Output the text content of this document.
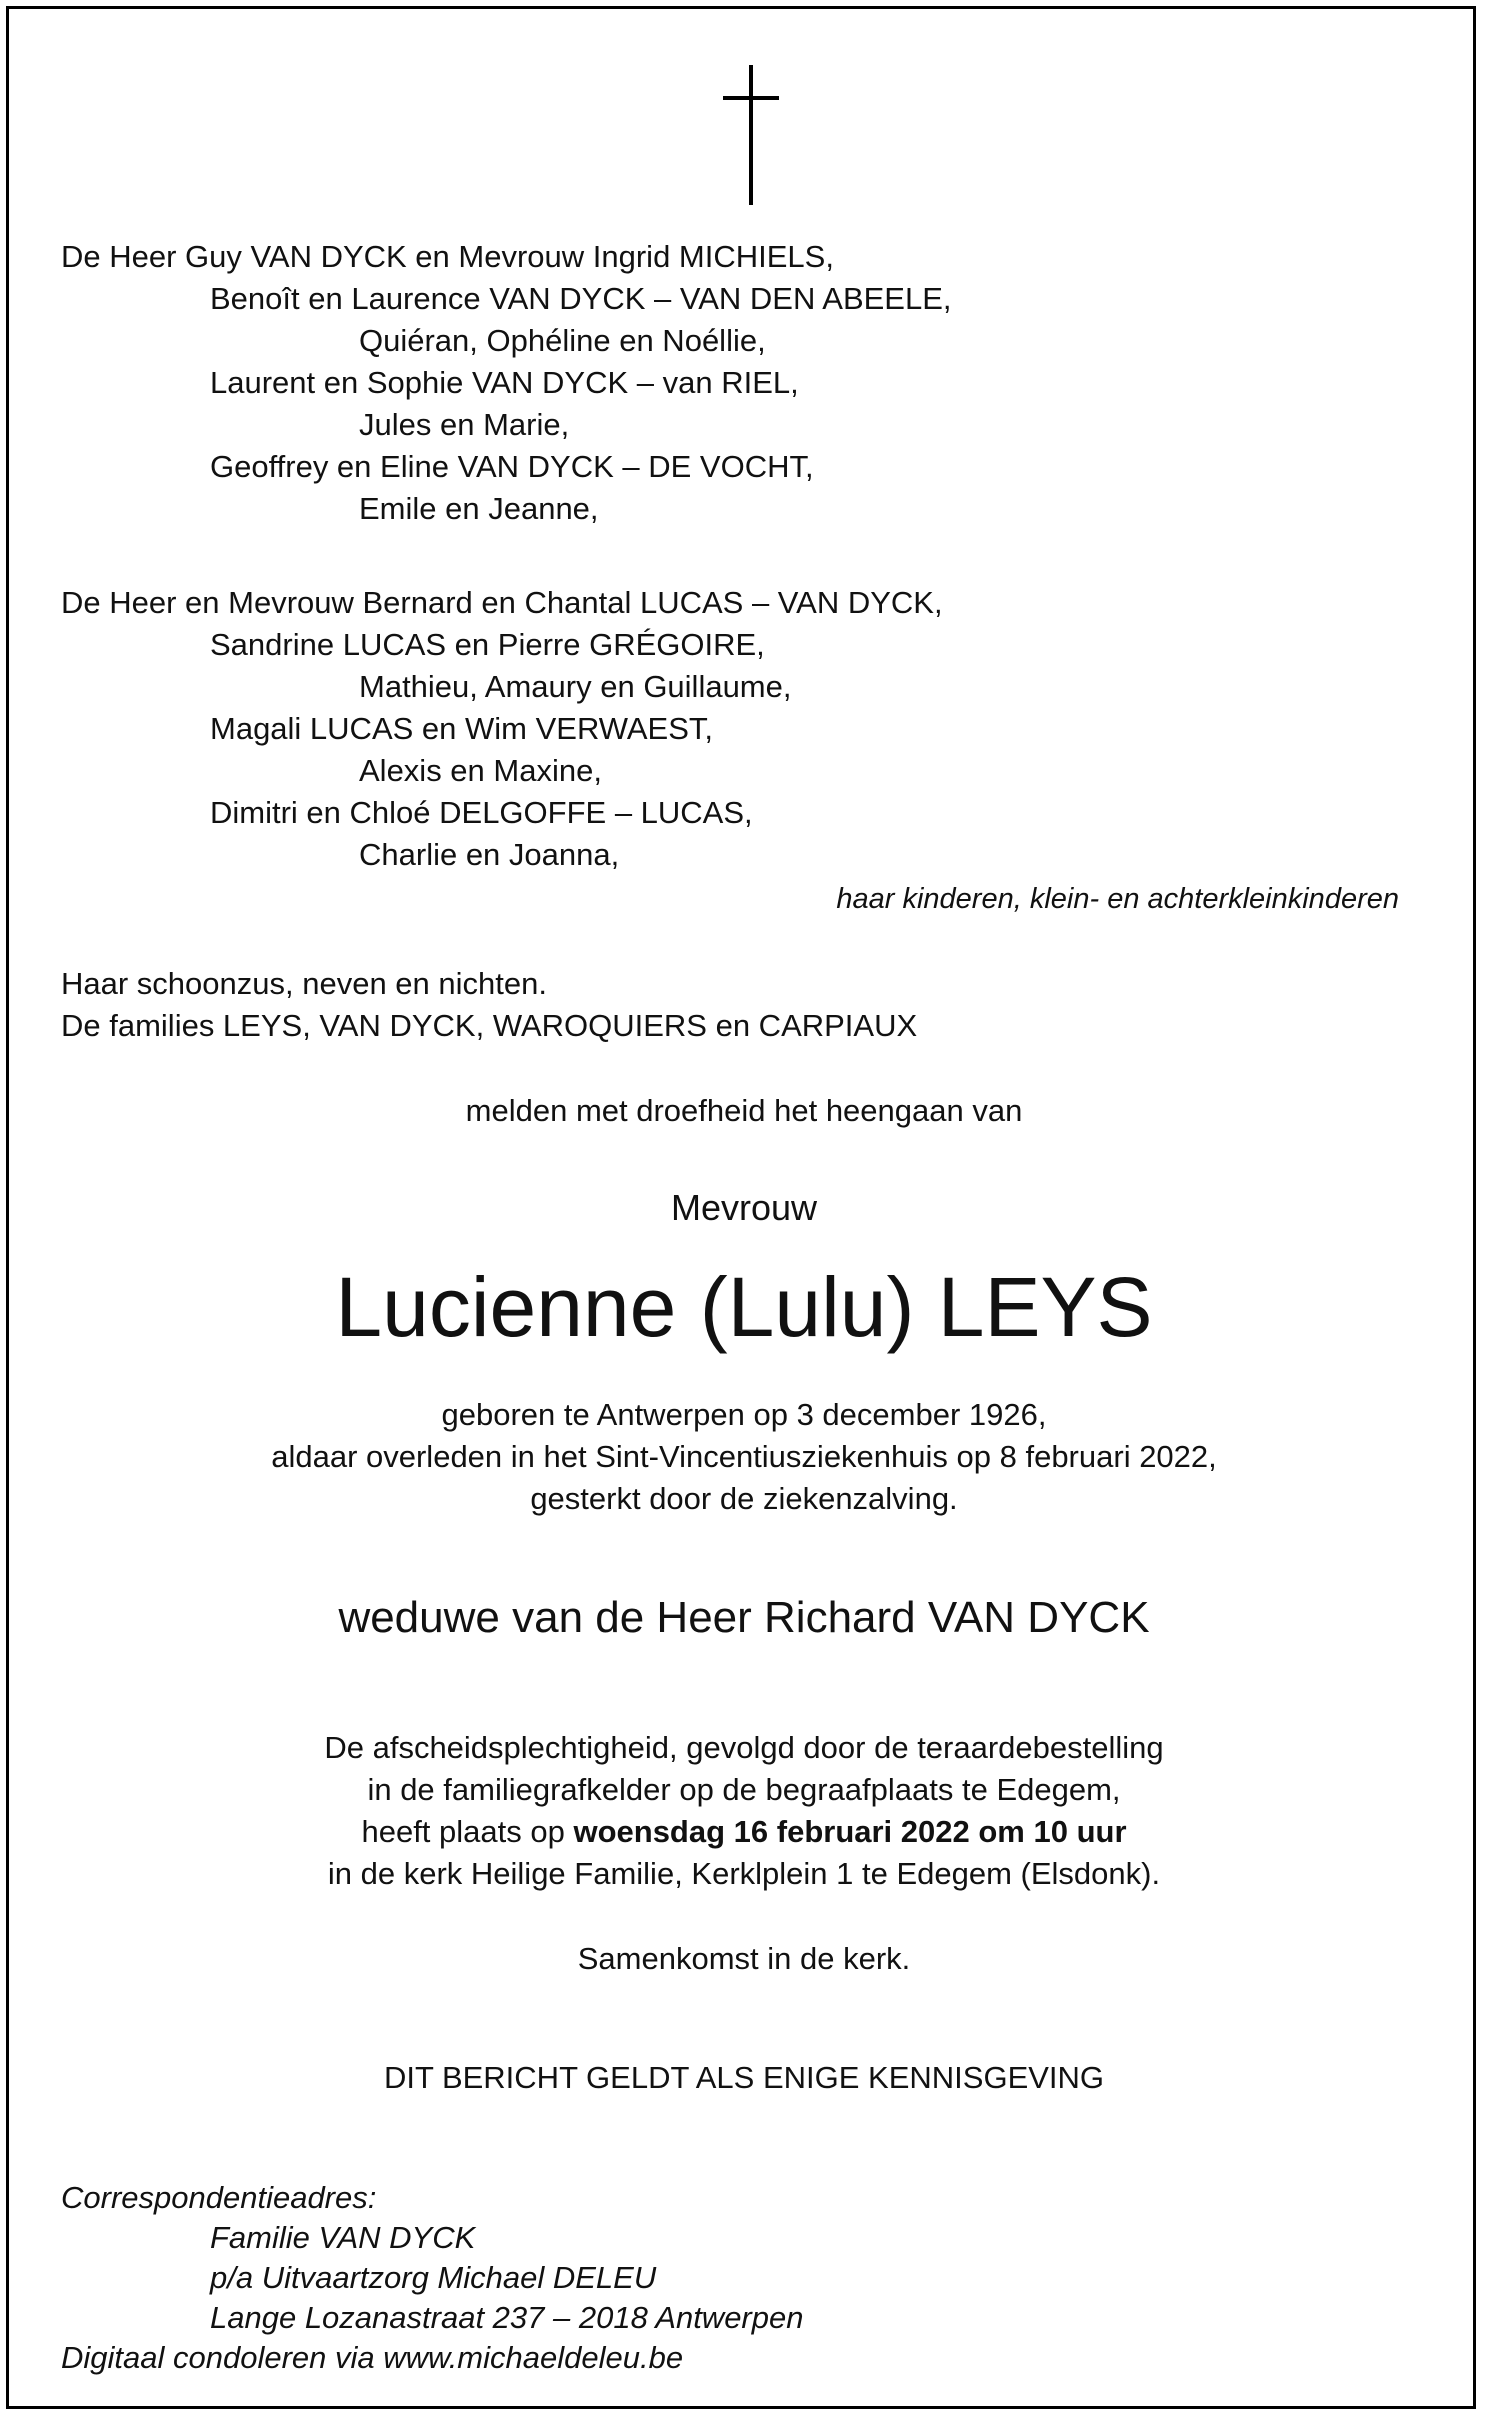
De Heer Guy VAN DYCK en Mevrouw Ingrid MICHIELS,
Benoît en Laurence VAN DYCK – VAN DEN ABEELE,
Quiéran, Ophéline en Noéllie,
Laurent en Sophie VAN DYCK – van RIEL,
Jules en Marie,
Geoffrey en Eline VAN DYCK – DE VOCHT,
Emile en Jeanne,
De Heer en Mevrouw Bernard en Chantal LUCAS – VAN DYCK,
Sandrine LUCAS en Pierre GRÉGOIRE,
Mathieu, Amaury en Guillaume,
Magali LUCAS en Wim VERWAEST,
Alexis en Maxine,
Dimitri en Chloé DELGOFFE – LUCAS,
Charlie en Joanna,
haar kinderen, klein- en achterkleinkinderen
Haar schoonzus, neven en nichten.
De families LEYS, VAN DYCK, WAROQUIERS en CARPIAUX
melden met droefheid het heengaan van
Mevrouw
Lucienne (Lulu) LEYS
geboren te Antwerpen op 3 december 1926,
aldaar overleden in het Sint-Vincentiusziekenhuis op 8 februari 2022,
gesterkt door de ziekenzalving.
weduwe van de Heer Richard VAN DYCK
De afscheidsplechtigheid, gevolgd door de teraardebestelling
in de familiegrafkelder op de begraafplaats te Edegem,
heeft plaats op woensdag 16 februari 2022 om 10 uur
in de kerk Heilige Familie, Kerklplein 1 te Edegem (Elsdonk).
Samenkomst in de kerk.
DIT BERICHT GELDT ALS ENIGE KENNISGEVING
Correspondentieadres:
Familie VAN DYCK
p/a Uitvaartzorg Michael DELEU
Lange Lozanastraat 237 – 2018 Antwerpen
Digitaal condoleren via www.michaeldeleu.be
